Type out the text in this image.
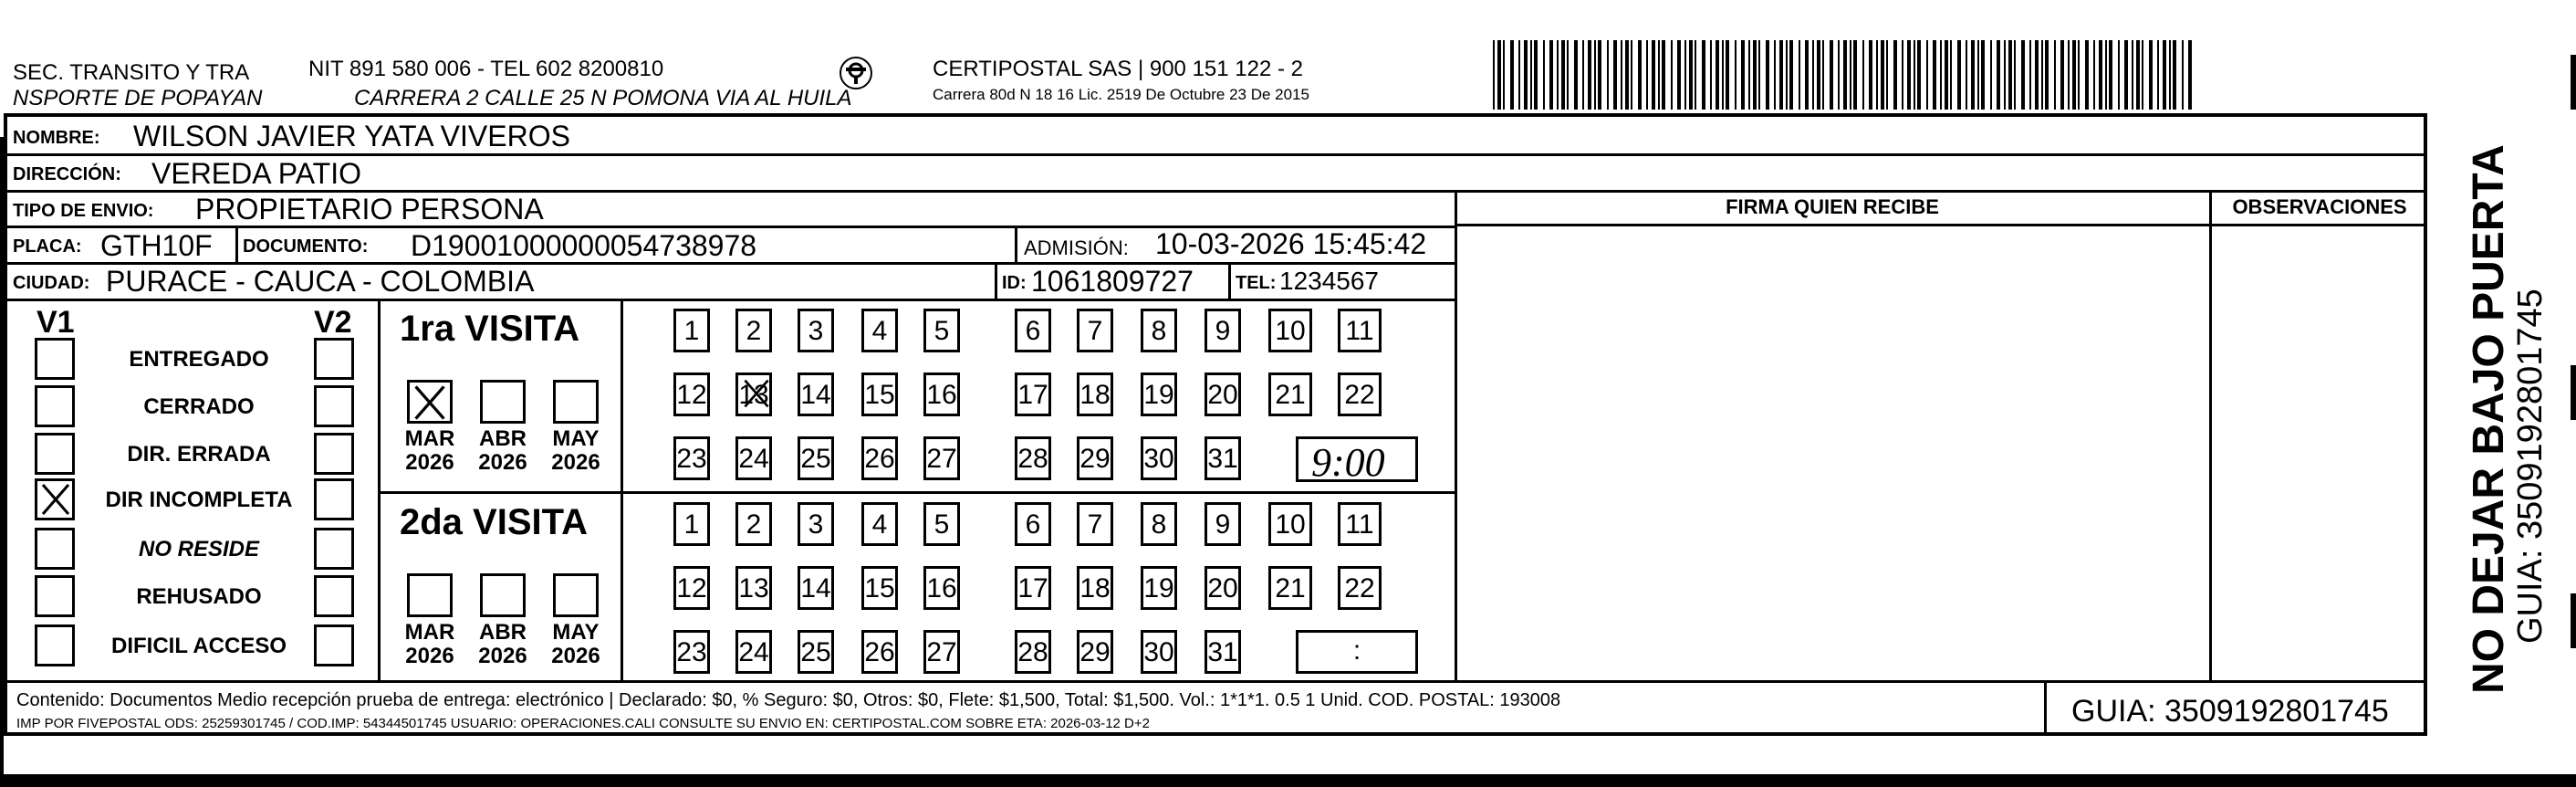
SEC. TRANSITO Y TRA
NSPORTE DE POPAYAN
NIT 891 580 006 - TEL 602 8200810
CARRERA 2 CALLE 25 N POMONA VIA AL HUILA
CERTIPOSTAL SAS | 900 151 122 - 2
Carrera 80d N 18 16 Lic. 2519 De Octubre 23 De 2015
FIRMA QUIEN RECIBE	OBSERVACIONES
NOMBRE: WILSON JAVIER YATA VIVEROS
DIRECCIÓN: VEREDA PATIO
TIPO DE ENVIO: PROPIETARIO PERSONA
PLACA: GTH10F DOCUMENTO: D19001000000054738978	ADMISIÓN: 10-03-2026 15:45:42
CIUDAD: PURACE - CAUCA - COLOMBIA	ID: 1061809727 TEL: 1234567
V1	V2
ENTREGADO
CERRADO
DIR. ERRADA
DIR INCOMPLETA
NO RESIDE
REHUSADO
DIFICIL ACCESO
1ra VISITA
MAR
2026
ABR
2026
MAY
2026
1	2	3	4	5	6	7	8	9	10 11
12 13 14 15 16 17 18 19 20 21 22
23 24 25 26 27 28 29 30 31 9:00
2da VISITA
MAR
2026
ABR
2026
MAY
2026
1	2	3	4	5	6	7	8	9	10 11
12 13 14 15 16 17 18 19 20 21 22
23 24 25 26 27 28 29 30 31	:
Contenido: Documentos Medio recepción prueba de entrega: electrónico | Declarado: $0, % Seguro: $0, Otros: $0, Flete: $1,500, Total: $1,500. Vol.: 1*1*1. 0.5 1 Unid. COD. POSTAL: 193008
IMP POR FIVEPOSTAL ODS: 25259301745 / COD.IMP: 54344501745 USUARIO: OPERACIONES.CALI CONSULTE SU ENVIO EN: CERTIPOSTAL.COM SOBRE ETA: 2026-03-12 D+2	GUIA: 3509192801745
NO DEJAR BAJO PUERTA
GUIA: 3509192801745
